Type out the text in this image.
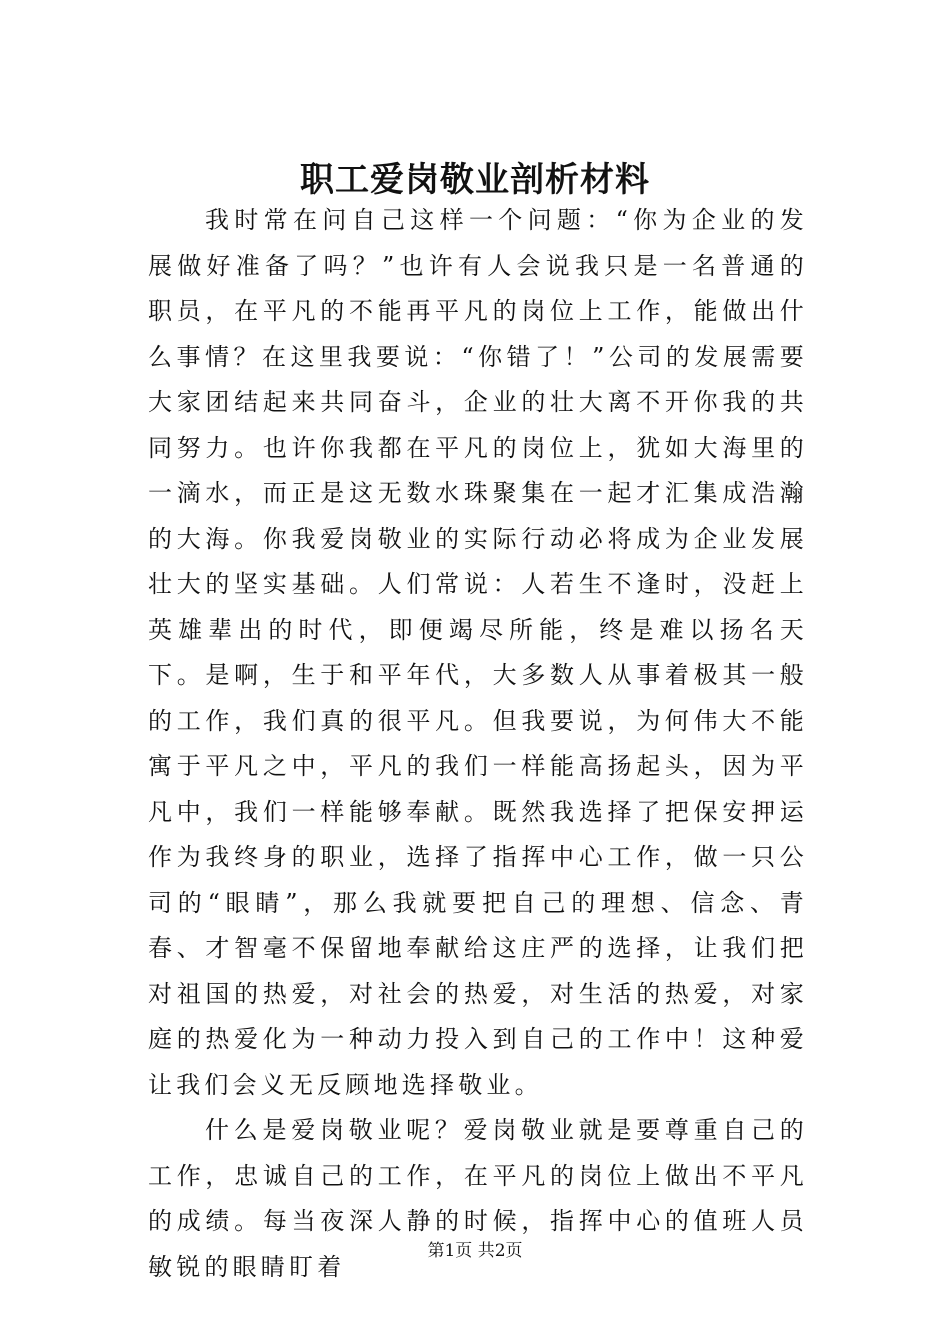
职工爱岗敬业剖析材料

我时常在问自己这样一个问题：“你为企业的发展做好准备了吗？”也许有人会说我只是一名普通的职员，在平凡的不能再平凡的岗位上工作，能做出什么事情？在这里我要说：“你错了！”公司的发展需要大家团结起来共同奋斗，企业的壮大离不开你我的共同努力。也许你我都在平凡的岗位上，犹如大海里的一滴水，而正是这无数水珠聚集在一起才汇集成浩瀚的大海。你我爱岗敬业的实际行动必将成为企业发展壮大的坚实基础。人们常说：人若生不逢时，没赶上英雄辈出的时代，即便竭尽所能，终是难以扬名天下。是啊，生于和平年代，大多数人从事着极其一般的工作，我们真的很平凡。但我要说，为何伟大不能寓于平凡之中，平凡的我们一样能高扬起头，因为平凡中，我们一样能够奉献。既然我选择了把保安押运作为我终身的职业，选择了指挥中心工作，做一只公司的“眼睛”，那么我就要把自己的理想、信念、青春、才智毫不保留地奉献给这庄严的选择，让我们把对祖国的热爱，对社会的热爱，对生活的热爱，对家庭的热爱化为一种动力投入到自己的工作中！这种爱让我们会义无反顾地选择敬业。

什么是爱岗敬业呢？爱岗敬业就是要尊重自己的工作，忠诚自己的工作，在平凡的岗位上做出不平凡的成绩。每当夜深人静的时候，指挥中心的值班人员敏锐的眼睛盯着

第1页 共2页
